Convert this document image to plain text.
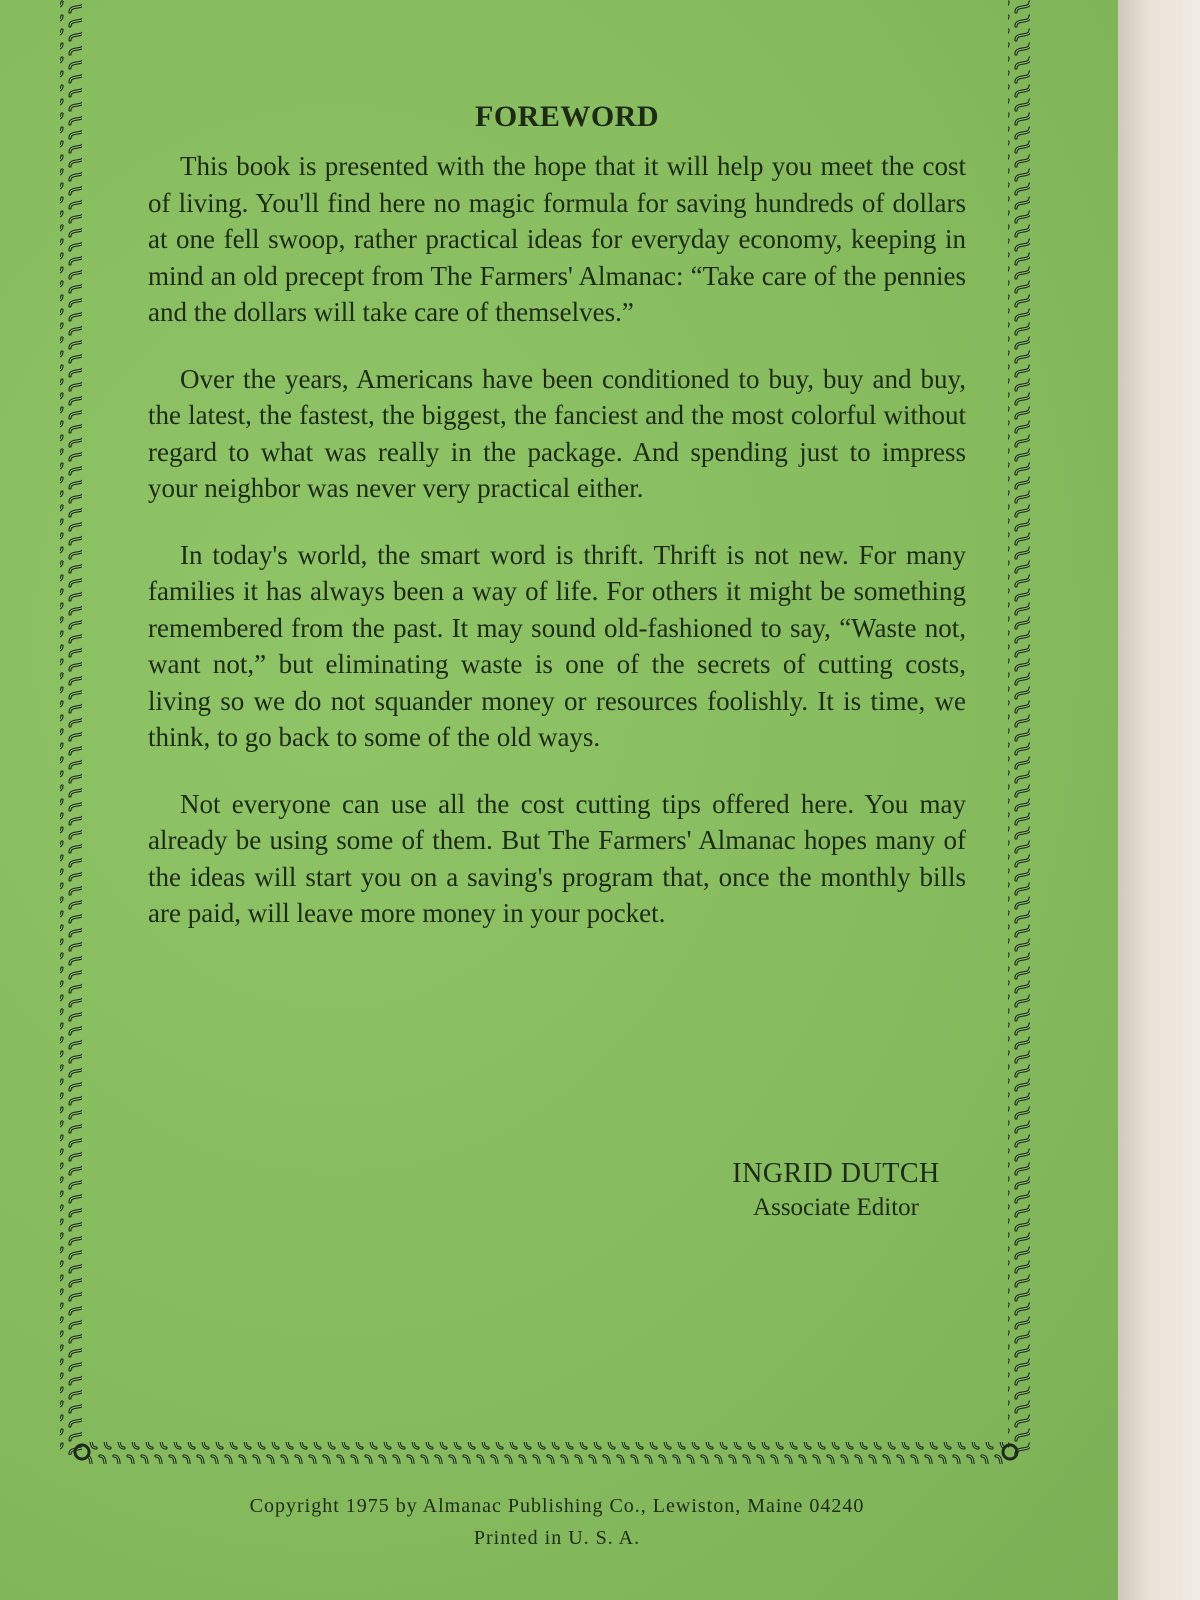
FOREWORD

This book is presented with the hope that it will help you meet the cost of living. You'll find here no magic formula for saving hundreds of dollars at one fell swoop, rather practical ideas for everyday economy, keeping in mind an old precept from The Farmers' Almanac: “Take care of the pennies and the dollars will take care of themselves.”

Over the years, Americans have been conditioned to buy, buy and buy, the latest, the fastest, the biggest, the fanciest and the most colorful without regard to what was really in the package. And spending just to impress your neighbor was never very practical either.

In today's world, the smart word is thrift. Thrift is not new. For many families it has always been a way of life. For others it might be something remembered from the past. It may sound old-fashioned to say, “Waste not, want not,” but eliminating waste is one of the secrets of cutting costs, living so we do not squander money or resources foolishly. It is time, we think, to go back to some of the old ways.

Not everyone can use all the cost cutting tips offered here. You may already be using some of them. But The Farmers' Almanac hopes many of the ideas will start you on a saving's program that, once the monthly bills are paid, will leave more money in your pocket.

INGRID DUTCH
Associate Editor
Copyright 1975 by Almanac Publishing Co., Lewiston, Maine 04240
Printed in U. S. A.
